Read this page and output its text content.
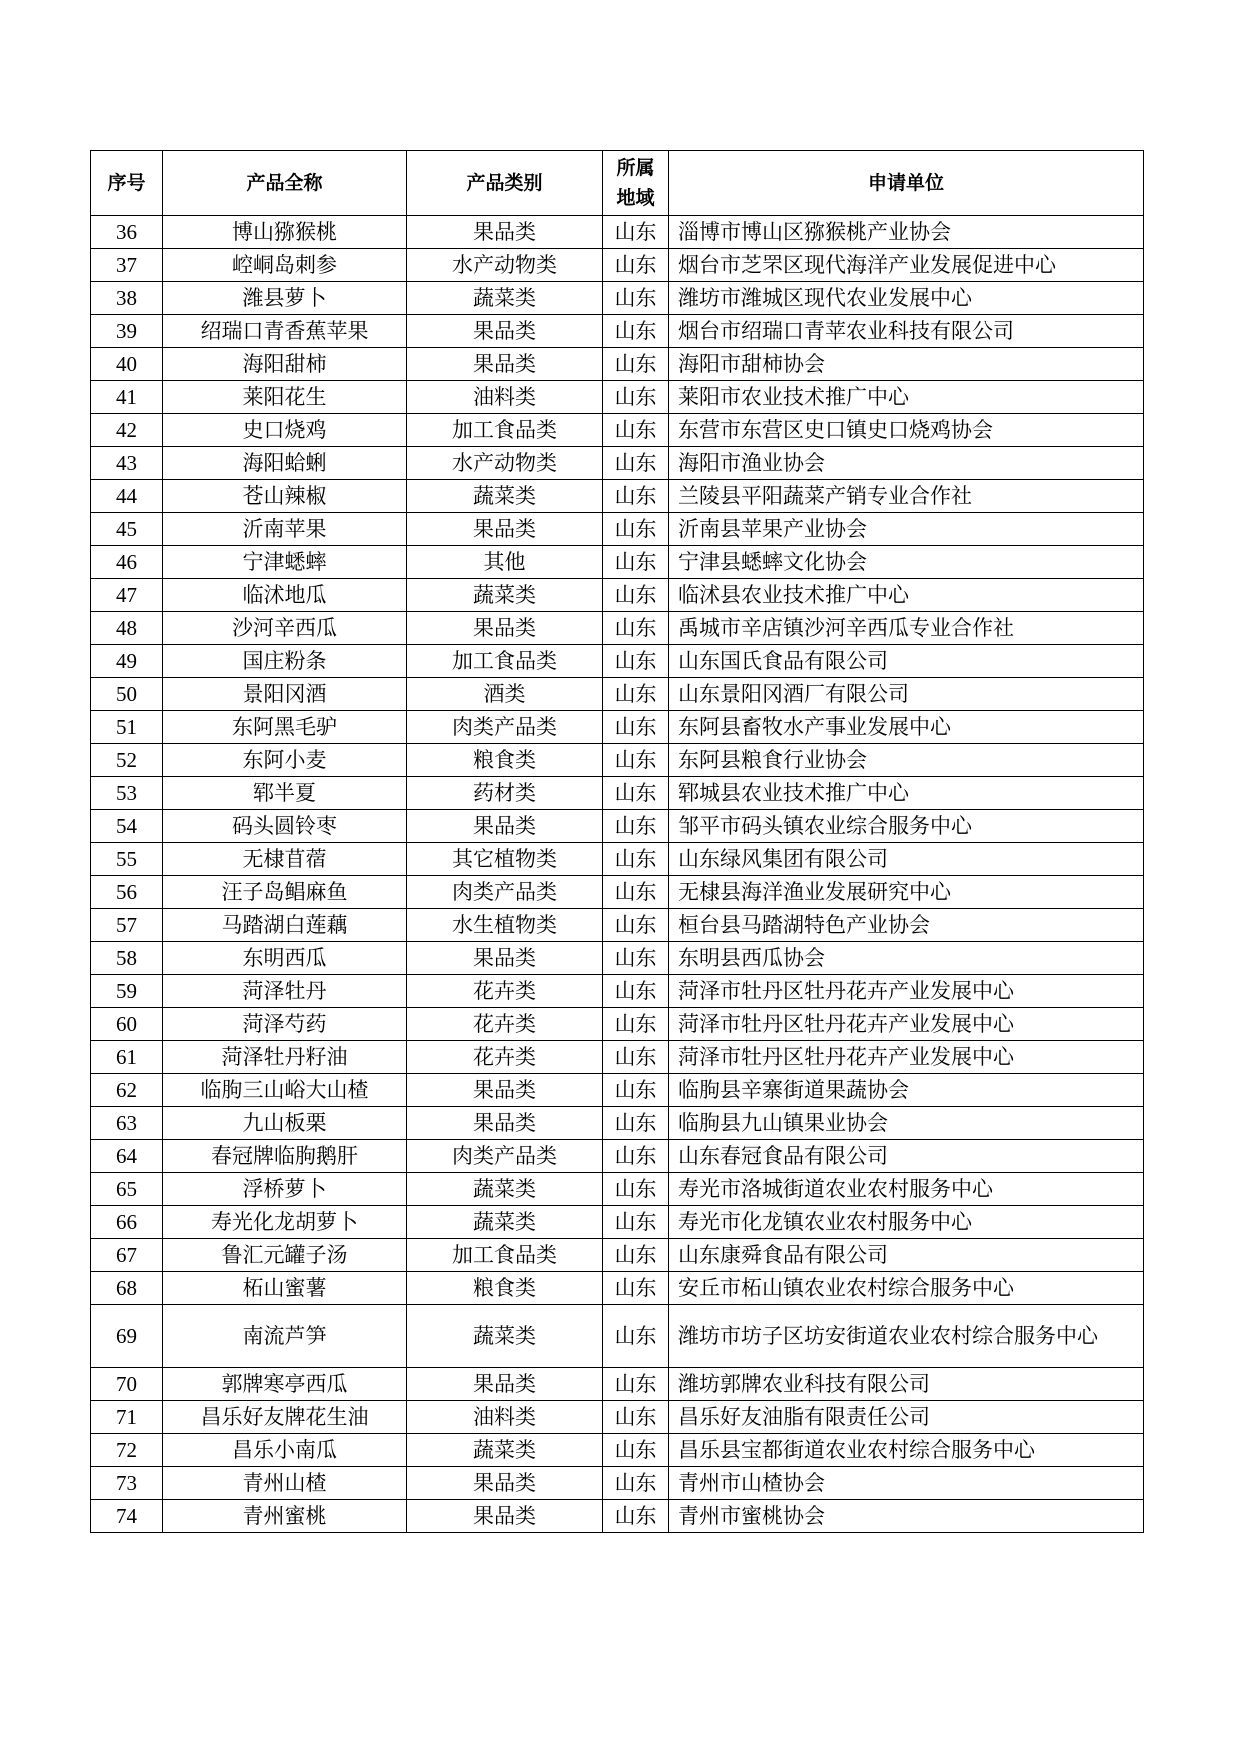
序号	产品全称	产品类别	所属地域	申请单位
36	博山猕猴桃	果品类	山东	淄博市博山区猕猴桃产业协会
37	崆峒岛刺参	水产动物类	山东	烟台市芝罘区现代海洋产业发展促进中心
38	潍县萝卜	蔬菜类	山东	潍坊市潍城区现代农业发展中心
39	绍瑞口青香蕉苹果	果品类	山东	烟台市绍瑞口青苹农业科技有限公司
40	海阳甜柿	果品类	山东	海阳市甜柿协会
41	莱阳花生	油料类	山东	莱阳市农业技术推广中心
42	史口烧鸡	加工食品类	山东	东营市东营区史口镇史口烧鸡协会
43	海阳蛤蜊	水产动物类	山东	海阳市渔业协会
44	苍山辣椒	蔬菜类	山东	兰陵县平阳蔬菜产销专业合作社
45	沂南苹果	果品类	山东	沂南县苹果产业协会
46	宁津蟋蟀	其他	山东	宁津县蟋蟀文化协会
47	临沭地瓜	蔬菜类	山东	临沭县农业技术推广中心
48	沙河辛西瓜	果品类	山东	禹城市辛店镇沙河辛西瓜专业合作社
49	国庄粉条	加工食品类	山东	山东国氏食品有限公司
50	景阳冈酒	酒类	山东	山东景阳冈酒厂有限公司
51	东阿黑毛驴	肉类产品类	山东	东阿县畜牧水产事业发展中心
52	东阿小麦	粮食类	山东	东阿县粮食行业协会
53	郓半夏	药材类	山东	郓城县农业技术推广中心
54	码头圆铃枣	果品类	山东	邹平市码头镇农业综合服务中心
55	无棣苜蓿	其它植物类	山东	山东绿风集团有限公司
56	汪子岛鲳麻鱼	肉类产品类	山东	无棣县海洋渔业发展研究中心
57	马踏湖白莲藕	水生植物类	山东	桓台县马踏湖特色产业协会
58	东明西瓜	果品类	山东	东明县西瓜协会
59	菏泽牡丹	花卉类	山东	菏泽市牡丹区牡丹花卉产业发展中心
60	菏泽芍药	花卉类	山东	菏泽市牡丹区牡丹花卉产业发展中心
61	菏泽牡丹籽油	花卉类	山东	菏泽市牡丹区牡丹花卉产业发展中心
62	临朐三山峪大山楂	果品类	山东	临朐县辛寨街道果蔬协会
63	九山板栗	果品类	山东	临朐县九山镇果业协会
64	春冠牌临朐鹅肝	肉类产品类	山东	山东春冠食品有限公司
65	浮桥萝卜	蔬菜类	山东	寿光市洛城街道农业农村服务中心
66	寿光化龙胡萝卜	蔬菜类	山东	寿光市化龙镇农业农村服务中心
67	鲁汇元罐子汤	加工食品类	山东	山东康舜食品有限公司
68	柘山蜜薯	粮食类	山东	安丘市柘山镇农业农村综合服务中心
69	南流芦笋	蔬菜类	山东	潍坊市坊子区坊安街道农业农村综合服务中心
70	郭牌寒亭西瓜	果品类	山东	潍坊郭牌农业科技有限公司
71	昌乐好友牌花生油	油料类	山东	昌乐好友油脂有限责任公司
72	昌乐小南瓜	蔬菜类	山东	昌乐县宝都街道农业农村综合服务中心
73	青州山楂	果品类	山东	青州市山楂协会
74	青州蜜桃	果品类	山东	青州市蜜桃协会
